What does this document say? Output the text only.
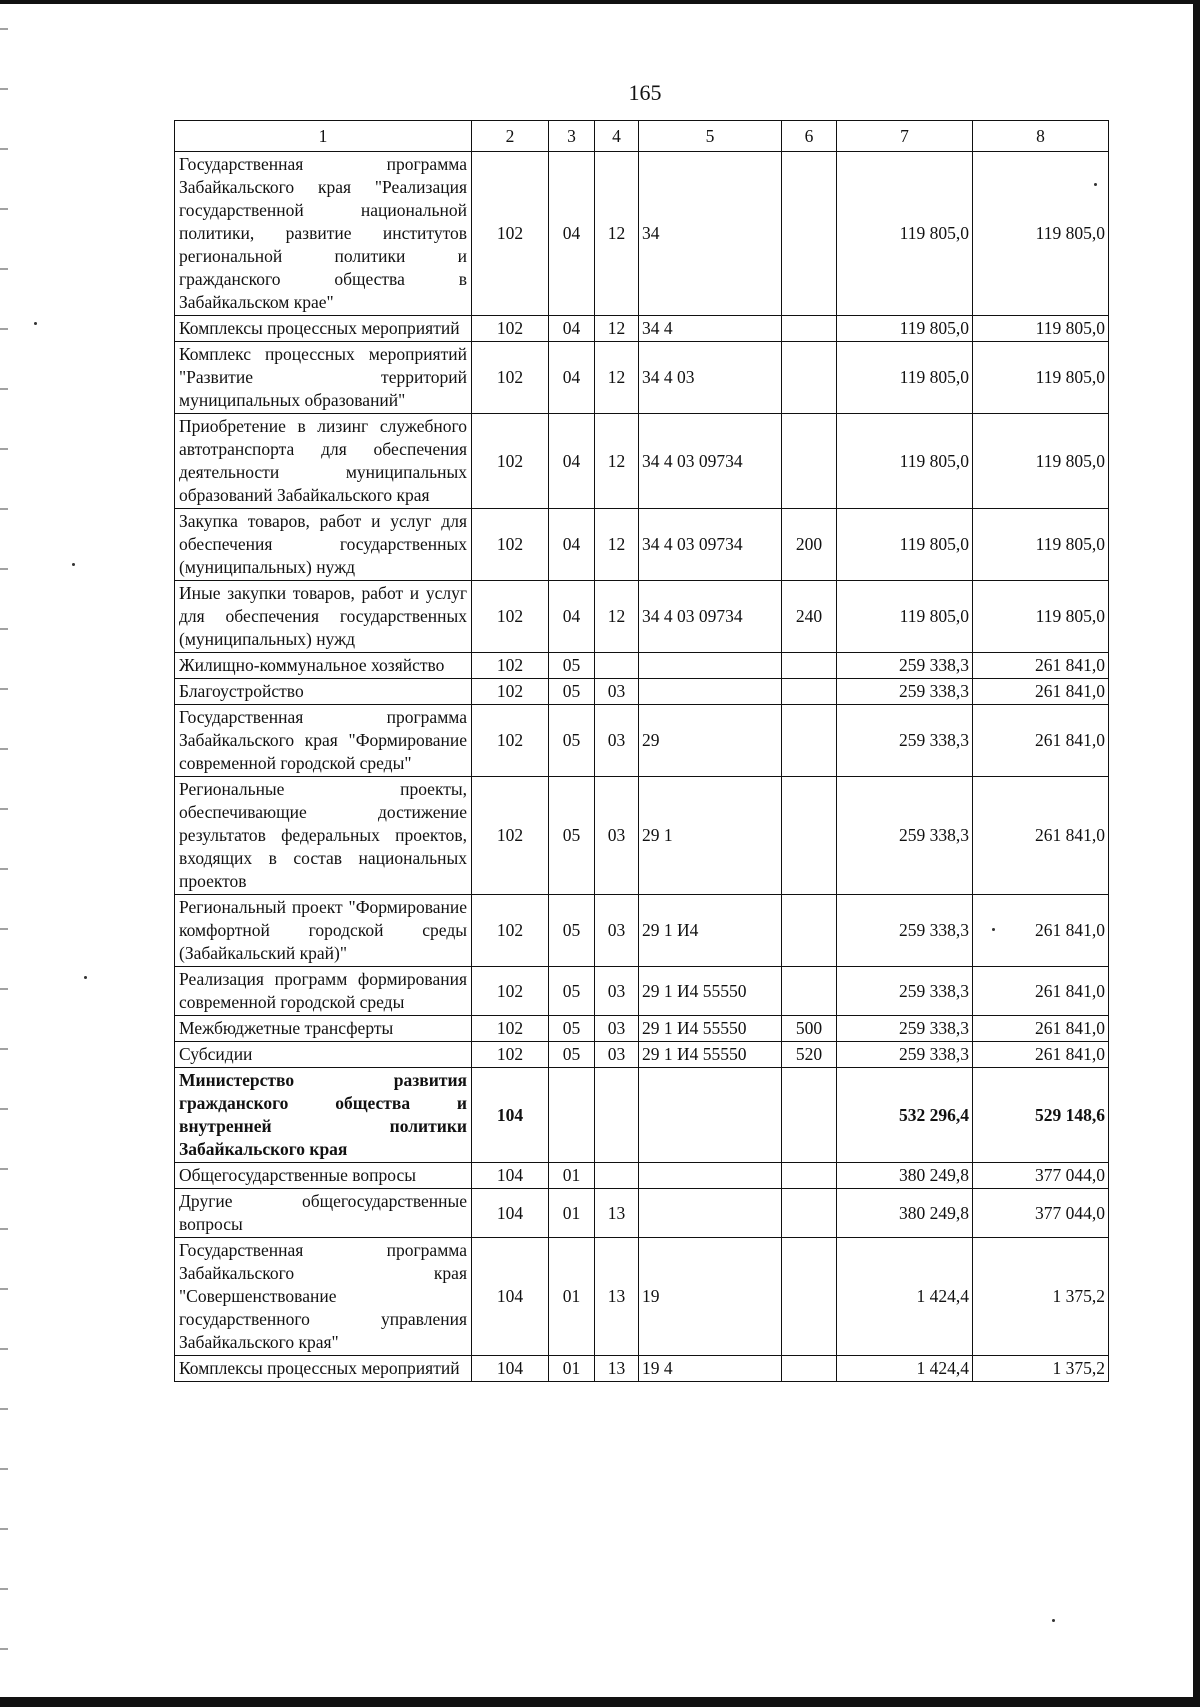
165
1	2	3	4	5	6	7	8
Государственная программа Забайкальского края "Реализация государственной национальной политики, развитие институтов региональной политики и гражданского общества в Забайкальском крае"	102	04	12	34		119 805,0	119 805,0
Комплексы процессных мероприятий	102	04	12	34 4		119 805,0	119 805,0
Комплекс процессных мероприятий "Развитие территорий муниципальных образований"	102	04	12	34 4 03		119 805,0	119 805,0
Приобретение в лизинг служебного автотранспорта для обеспечения деятельности муниципальных образований Забайкальского края	102	04	12	34 4 03 09734		119 805,0	119 805,0
Закупка товаров, работ и услуг для обеспечения государственных (муниципальных) нужд	102	04	12	34 4 03 09734	200	119 805,0	119 805,0
Иные закупки товаров, работ и услуг для обеспечения государственных (муниципальных) нужд	102	04	12	34 4 03 09734	240	119 805,0	119 805,0
Жилищно-коммунальное хозяйство	102	05				259 338,3	261 841,0
Благоустройство	102	05	03			259 338,3	261 841,0
Государственная программа Забайкальского края "Формирование современной городской среды"	102	05	03	29		259 338,3	261 841,0
Региональные проекты, обеспечивающие достижение результатов федеральных проектов, входящих в состав национальных проектов	102	05	03	29 1		259 338,3	261 841,0
Региональный проект "Формирование комфортной городской среды (Забайкальский край)"	102	05	03	29 1 И4		259 338,3	261 841,0
Реализация программ формирования современной городской среды	102	05	03	29 1 И4 55550		259 338,3	261 841,0
Межбюджетные трансферты	102	05	03	29 1 И4 55550	500	259 338,3	261 841,0
Субсидии	102	05	03	29 1 И4 55550	520	259 338,3	261 841,0
Министерство развития гражданского общества и внутренней политики Забайкальского края	104					532 296,4	529 148,6
Общегосударственные вопросы	104	01				380 249,8	377 044,0
Другие общегосударственные вопросы	104	01	13			380 249,8	377 044,0
Государственная программа Забайкальского края "Совершенствование государственного управления Забайкальского края"	104	01	13	19		1 424,4	1 375,2
Комплексы процессных мероприятий	104	01	13	19 4		1 424,4	1 375,2
